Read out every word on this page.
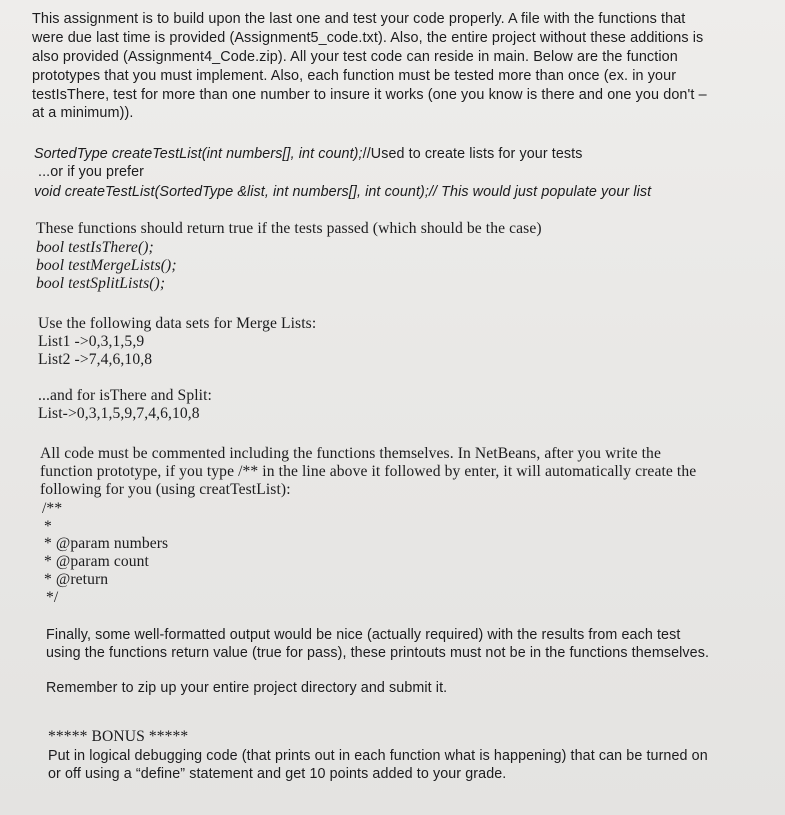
This assignment is to build upon the last one and test your code properly. A file with the functions that
were due last time is provided (Assignment5_code.txt). Also, the entire project without these additions is
also provided (Assignment4_Code.zip). All your test code can reside in main. Below are the function
prototypes that you must implement. Also, each function must be tested more than once (ex. in your
testIsThere, test for more than one number to insure it works (one you know is there and one you don't –
at a minimum)).
SortedType createTestList(int numbers[], int count);//Used to create lists for your tests
...or if you prefer
void createTestList(SortedType &list, int numbers[], int count);// This would just populate your list
These functions should return true if the tests passed (which should be the case)
bool testIsThere();
bool testMergeLists();
bool testSplitLists();
Use the following data sets for Merge Lists:
List1 ->0,3,1,5,9
List2 ->7,4,6,10,8
...and for isThere and Split:
List->0,3,1,5,9,7,4,6,10,8
All code must be commented including the functions themselves. In NetBeans, after you write the
function prototype, if you type /** in the line above it followed by enter, it will automatically create the
following for you (using creatTestList):
/**
*
* @param numbers
* @param count
* @return
*/
Finally, some well-formatted output would be nice (actually required) with the results from each test
using the functions return value (true for pass), these printouts must not be in the functions themselves.
Remember to zip up your entire project directory and submit it.
***** BONUS *****
Put in logical debugging code (that prints out in each function what is happening) that can be turned on
or off using a “define” statement and get 10 points added to your grade.
